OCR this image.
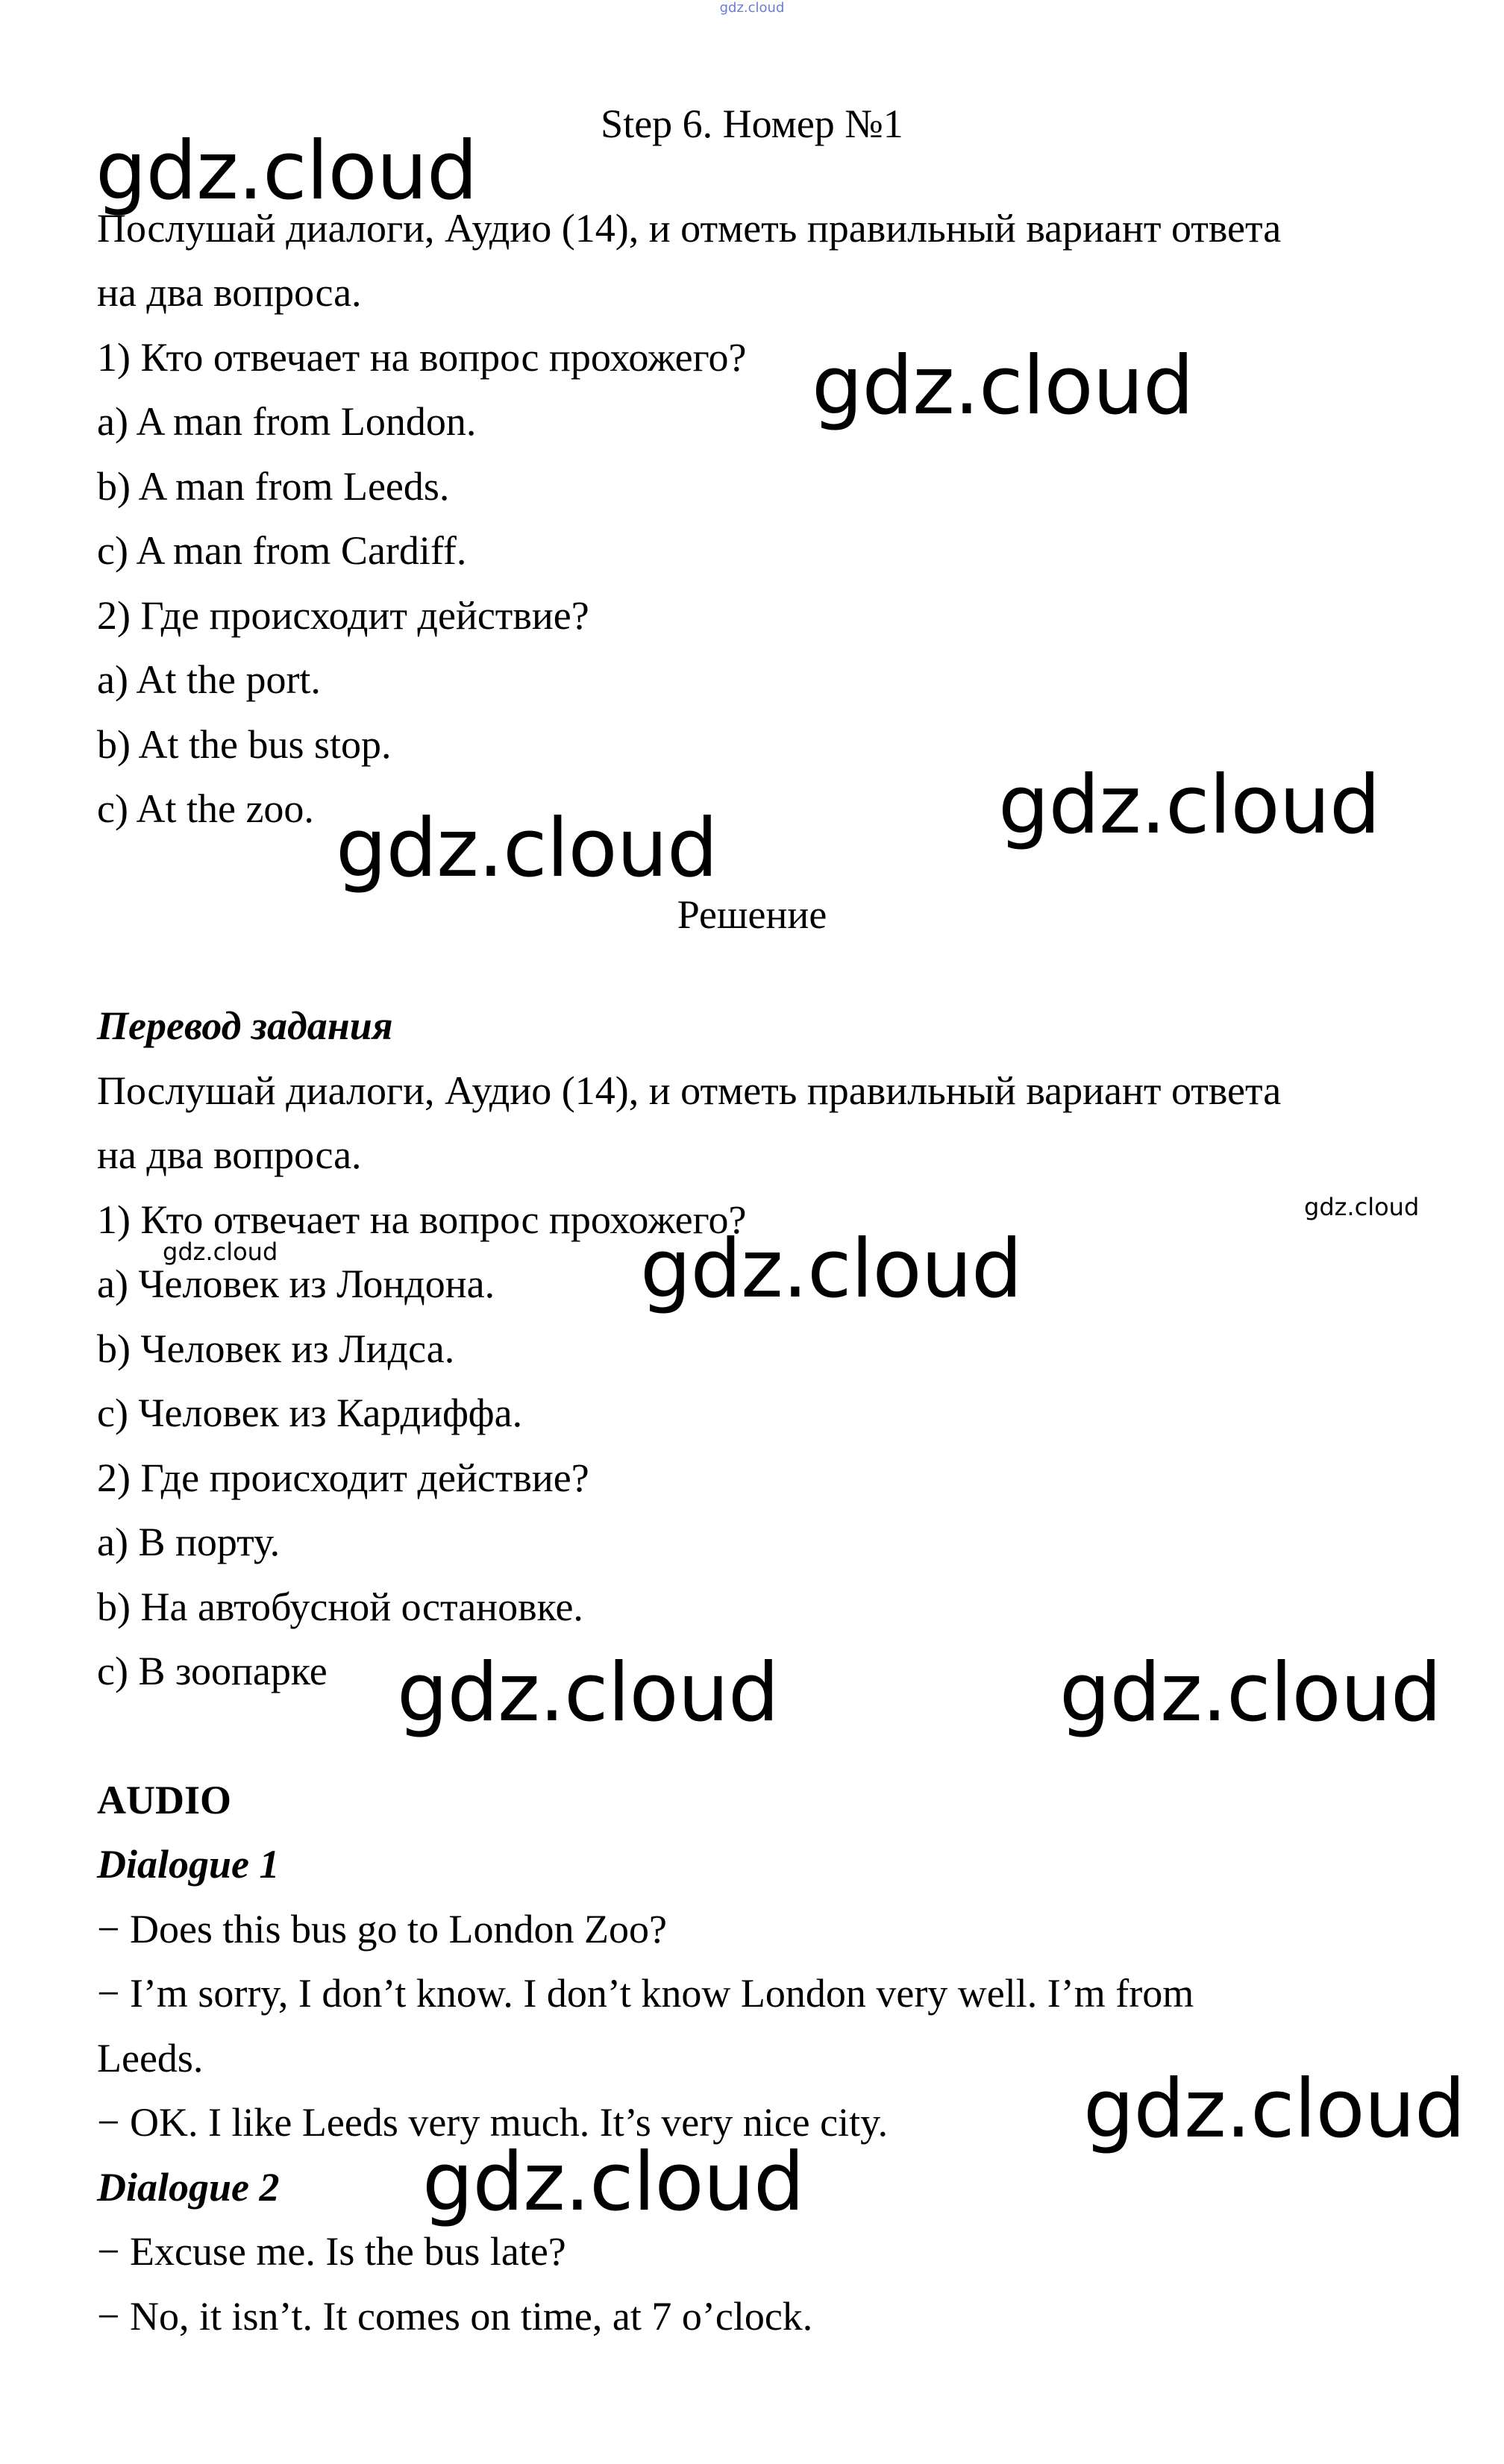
gdz.cloud
Step 6. Номер №1
Послушай диалоги, Аудио (14), и отметь правильный вариант ответа
на два вопроса.
1) Кто отвечает на вопрос прохожего?
a) A man from London.
b) A man from Leeds.
c) A man from Cardiff.
2) Где происходит действие?
a) At the port.
b) At the bus stop.
c) At the zoo.
Решение
Перевод задания
Послушай диалоги, Аудио (14), и отметь правильный вариант ответа
на два вопроса.
1) Кто отвечает на вопрос прохожего?
a) Человек из Лондона.
b) Человек из Лидса.
c) Человек из Кардиффа.
2) Где происходит действие?
a) В порту.
b) На автобусной остановке.
c) В зоопарке
AUDIO
Dialogue 1
− Does this bus go to London Zoo?
− I’m sorry, I don’t know. I don’t know London very well. I’m from
Leeds.
− OK. I like Leeds very much. It’s very nice city.
Dialogue 2
− Excuse me. Is the bus late?
− No, it isn’t. It comes on time, at 7 o’clock.
gdz.cloud
gdz.cloud
gdz.cloud
gdz.cloud
gdz.cloud
gdz.cloud	gdz.cloud
gdz.cloud	gdz.cloud
gdz.cloud
gdz.cloud
